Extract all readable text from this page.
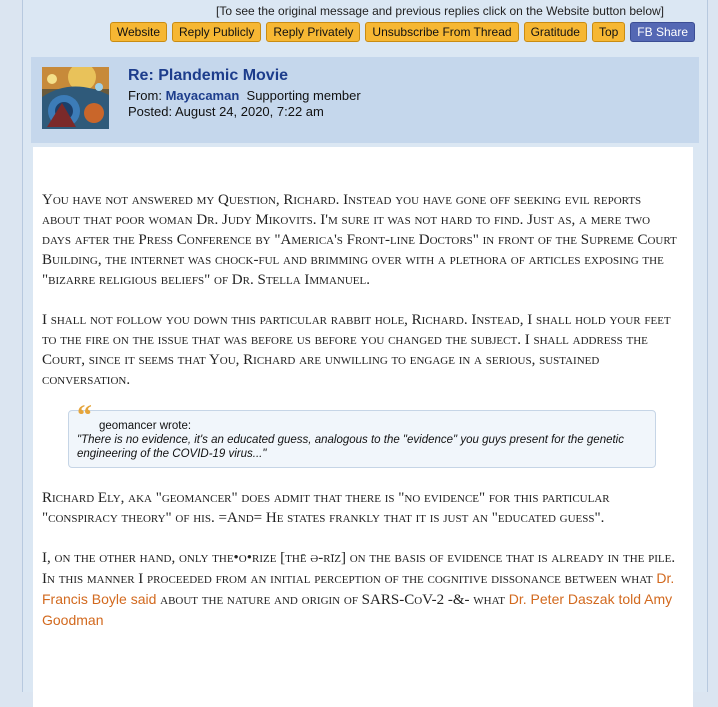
[To see the original message and previous replies click on the Website button below]
Website	Reply Publicly	Reply Privately	Unsubscribe From Thread	Gratitude	Top	FB Share
Re: Plandemic Movie
From: Mayacaman Supporting member
Posted: August 24, 2020, 7:22 am

You have not answered my Question, Richard. Instead you have gone off seeking evil reports about that poor woman Dr. Judy Mikovits. I'm sure it was not hard to find. Just as, a mere two days after the Press Conference by "America's Front-line Doctors" in front of the Supreme Court Building, the internet was chock-ful and brimming over with a plethora of articles exposing the "bizarre religious beliefs" of Dr. Stella Immanuel.

I shall not follow you down this particular rabbit hole, Richard. Instead, I shall hold your feet to the fire on the issue that was before us before you changed the subject. I shall address the Court, since it seems that You, Richard are unwilling to engage in a serious, sustained conversation.

“ geomancer wrote:
"There is no evidence, it's an educated guess, analogous to the "evidence" you guys present for the genetic engineering of the COVID-19 virus..."

Richard Ely, aka "geomancer" does admit that there is "no evidence" for this particular "conspiracy theory" of his. =And= He states frankly that it is just an "educated guess".

I, on the other hand, only the•o•rize [thē ə-rīz] on the basis of evidence that is already in the pile. In this manner I proceeded from an initial perception of the cognitive dissonance between what Dr. Francis Boyle said about the nature and origin of SARS-CoV-2 -&- what Dr. Peter Daszak told Amy Goodman
